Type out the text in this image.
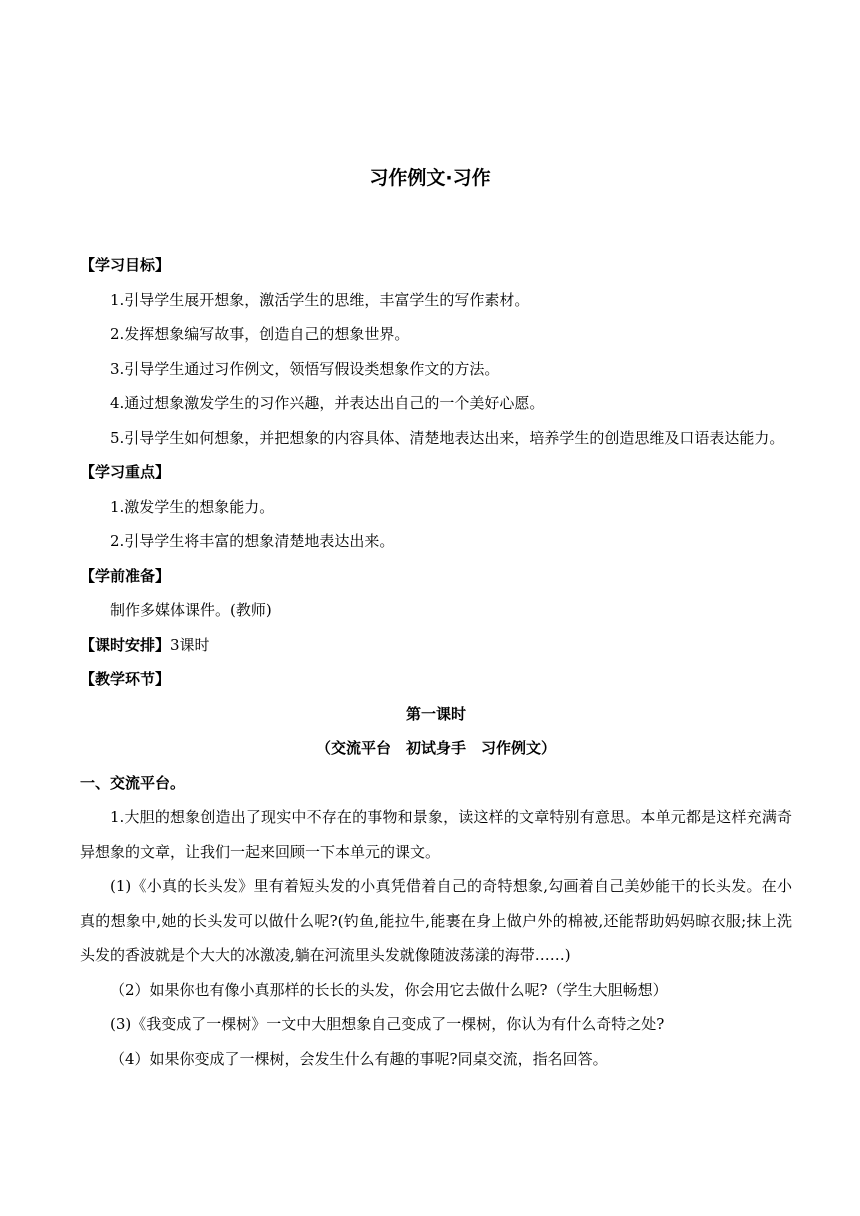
习作例文·习作
【学习目标】
1.引导学生展开想象，激活学生的思维，丰富学生的写作素材。
2.发挥想象编写故事，创造自己的想象世界。
3.引导学生通过习作例文，领悟写假设类想象作文的方法。
4.通过想象激发学生的习作兴趣，并表达出自己的一个美好心愿。
5.引导学生如何想象，并把想象的内容具体、清楚地表达出来，培养学生的创造思维及口语表达能力。
【学习重点】
1.激发学生的想象能力。
2.引导学生将丰富的想象清楚地表达出来。
【学前准备】
制作多媒体课件。(教师)
【课时安排】3课时
【教学环节】
第一课时
（交流平台　初试身手　习作例文）
一、交流平台。
1.大胆的想象创造出了现实中不存在的事物和景象，读这样的文章特别有意思。本单元都是这样充满奇异想象的文章，让我们一起来回顾一下本单元的课文。
(1)《小真的长头发》里有着短头发的小真凭借着自己的奇特想象,勾画着自己美妙能干的长头发。在小真的想象中,她的长头发可以做什么呢?(钓鱼,能拉牛,能裹在身上做户外的棉被,还能帮助妈妈晾衣服;抹上洗头发的香波就是个大大的冰激凌,躺在河流里头发就像随波荡漾的海带……)
（2）如果你也有像小真那样的长长的头发，你会用它去做什么呢?（学生大胆畅想）
(3)《我变成了一棵树》一文中大胆想象自己变成了一棵树，你认为有什么奇特之处?
（4）如果你变成了一棵树，会发生什么有趣的事呢?同桌交流，指名回答。
